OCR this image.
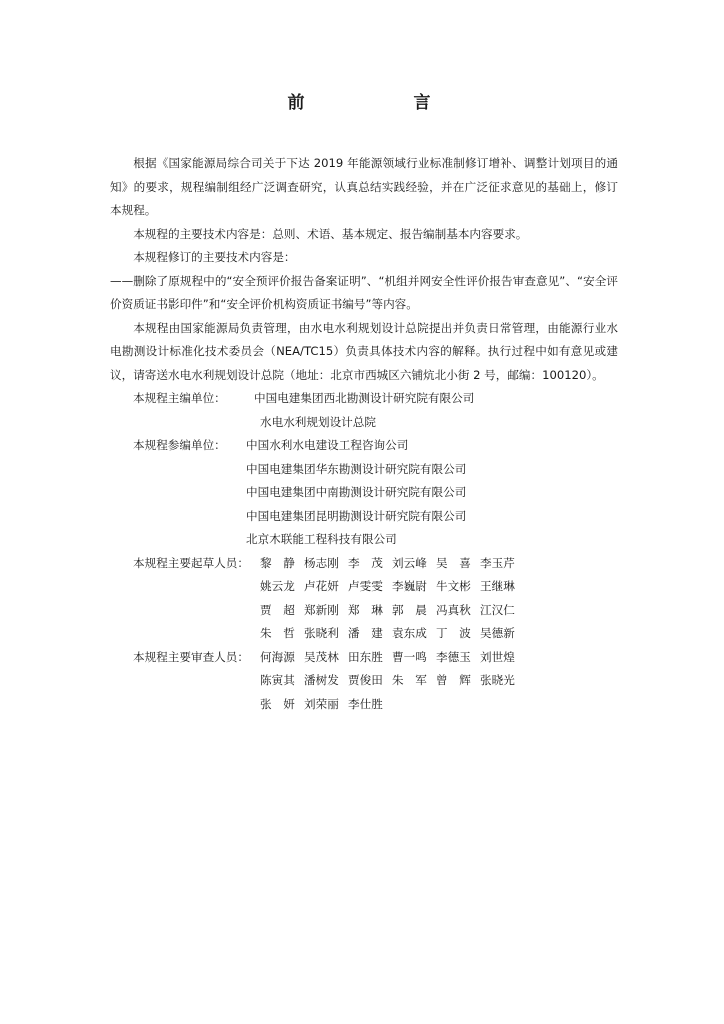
前　言

根据《国家能源局综合司关于下达 2019 年能源领域行业标准制修订增补、调整计划项目的通知》的要求，规程编制组经广泛调查研究，认真总结实践经验，并在广泛征求意见的基础上，修订本规程。

本规程的主要技术内容是：总则、术语、基本规定、报告编制基本内容要求。

本规程修订的主要技术内容是：

——删除了原规程中的“安全预评价报告备案证明”、“机组并网安全性评价报告审查意见”、“安全评价资质证书影印件”和“安全评价机构资质证书编号”等内容。

本规程由国家能源局负责管理，由水电水利规划设计总院提出并负责日常管理，由能源行业水电勘测设计标准化技术委员会（NEA/TC15）负责具体技术内容的解释。执行过程中如有意见或建议，请寄送水电水利规划设计总院（地址：北京市西城区六铺炕北小街 2 号，邮编：100120）。

本规程主编单位：	中国电建集团西北勘测设计研究院有限公司
水电水利规划设计总院
本规程参编单位：	中国水利水电建设工程咨询公司
中国电建集团华东勘测设计研究院有限公司
中国电建集团中南勘测设计研究院有限公司
中国电建集团昆明勘测设计研究院有限公司
北京木联能工程科技有限公司
本规程主要起草人员： 黎　静 杨志刚 李　茂 刘云峰 吴　喜 李玉芹
姚云龙 卢花妍 卢雯雯 李巍尉 牛文彬 王继琳
贾　超 郑新刚 郑　琳 郭　晨 冯真秋 江汉仁
朱　哲 张晓利 潘　建 袁东成 丁　波 吴德新
本规程主要审查人员： 何海源 吴茂林 田东胜 曹一鸣 李德玉 刘世煌
陈寅其 潘树发 贾俊田 朱　军 曾　辉 张晓光
张　妍 刘荣丽 李仕胜
